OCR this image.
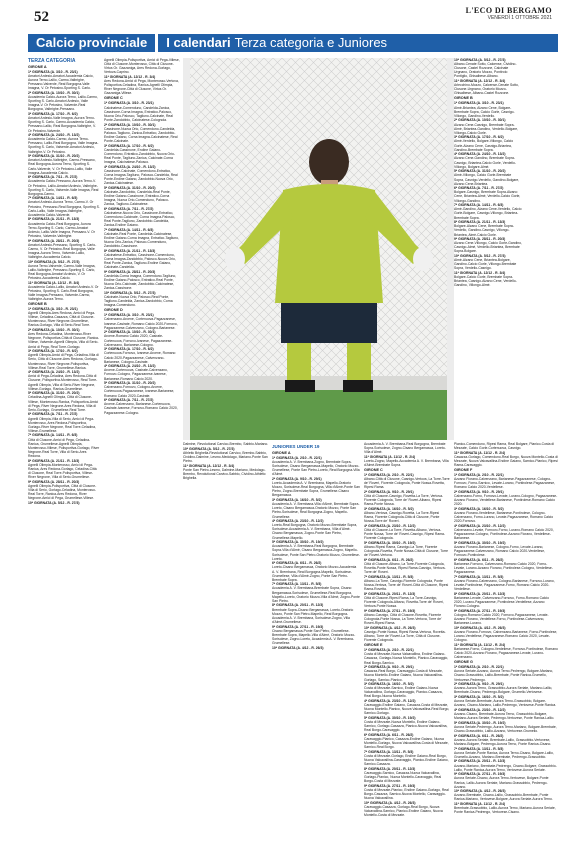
52	L'ECO DI BERGAMO
VENERDÌ 1 OTTOBRE 2021
Calcio provinciale	I calendari Terza categoria e Juniores
TERZA CATEGORIA
GIRONE A
1ª GIORNATA (A. 3/10 - R. 23/1)

Amatori Ardesio-Amatori Accademia Calcio, Aurora Terno-Lallio, Carmo-Valbrighe, Pressano-Valverde, Real Borgogna-Valle Imagna, V. Or Petosino-Sporting S. Carlo.

2ª GIORNATA (A. 10/10 - R. 30/1)

Accademia Calcio-Aurora Terno, Lallio-Carmo, Sporting S. Carlo-Amatori Ardesio, Valle Imagna-V. Or Petosino, Valverde-Real Borgogna, Valbrighe-Pressano.

3ª GIORNATA (A. 17/10 - R. 6/2)

Amatori Ardesio-Valle Imagna, Aurora Terno-Sporting S. Carlo, Carmo-Accademia Calcio, Pressano-Lallio, Real Borgogna-Valbrighe, V. Or Petosino-Valverde.

4ª GIORNATA (A. 24/10 - R. 13/2)

Accademia Calcio-Carmo, Aurora Terno-Pressano, Lallio-Real Borgogna, Valle Imagna-Sporting S. Carlo, Valverde-Amatori Ardesio, Valbrighe-V. Or Petosino.

5ª GIORNATA (A. 31/10 - R. 20/2)

Amatori Ardesio-Valbrighe, Carmo-Pressano, Real Borgogna-Aurora Terno, Sporting S. Carlo-Valverde, V. Or Petosino-Lallio, Valle Imagna-Accademia Calcio.

6ª GIORNATA (A. 7/11 - R. 27/2)

Accademia Calcio-Pressano, Aurora Terno-V. Or Petosino, Lallio-Amatori Ardesio, Valbrighe-Sporting S. Carlo, Valverde-Valle Imagna, Real Borgogna-Carmo.

7ª GIORNATA (A. 14/11 - R. 6/3)

Amatori Ardesio-Aurora Terno, Carmo-V. Or Petosino, Pressano-Real Borgogna, Sporting S. Carlo-Lallio, Valle Imagna-Valbrighe, Accademia Calcio-Valverde.

8ª GIORNATA (A. 21/11 - R. 13/3)

Accademia Calcio-Real Borgogna, Aurora Terno-Sporting S. Carlo, Carmo-Amatori Ardesio, Lallio-Valle Imagna, Pressano-V. Or Petosino, Valverde-Valbrighe.

9ª GIORNATA (A. 28/11 - R. 20/3)

Amatori Ardesio-Pressano, Sporting S. Carlo-Carmo, V. Or Petosino-Real Borgogna, Valle Imagna-Aurora Terno, Valverde-Lallio, Valbrighe-Accademia Calcio.

10ª GIORNATA (A. 5/12 - R. 27/3)

Aurora Terno-Valverde, Carmo-Valle Imagna, Lallio-Valbrighe, Pressano-Sporting S. Carlo, Real Borgogna-Amatori Ardesio, V. Or Petosino-Accademia Calcio.

11ª GIORNATA (A. 12/12 - R. 3/4)

Accademia Calcio-Lallio, Amatori Ardesio-V. Or Petosino, Sporting S. Carlo-Real Borgogna, Valle Imagna-Pressano, Valverde-Carmo, Valbrighe-Aurora Terno.

GIRONE B
1ª GIORNATA (A. 3/10 - R. 23/1)

Agnelli Olimpia-Ares Redona, Amici di Pega-Villese, Celadina-Casazza, Città di Clusone-Monterosso, River Negrone-Grumellese, Ranica-Gorlago, Villa di Serio-Real Torre.

2ª GIORNATA (A. 10/10 - R. 30/1)

Ares Redona-Celadina, Monterosso-River Negrone, Polisportiva-Città di Clusone, Ranica-Villese, Valverde-Agnelli Olimpia, Villa di Serio-Amici di Pega, Real Torre-Gorlago.

3ª GIORNATA (A. 17/10 - R. 6/2)

Agnelli Olimpia-Amici di Pega, Celadina-Villa di Serio, Città di Clusone-Ares Redona, Gorlago-Monterosso, River Negrone-Polisportiva, Villese-Real Torre, Grumellese-Ranica.

4ª GIORNATA (A. 24/10 - R. 13/2)

Amici di Pega-Celadina, Ares Redona-Città di Clusone, Polisportiva-Monterosso, Real Torre-Agnelli Olimpia, Villa di Serio-River Negrone, Villese-Gorlago, Ranica-Grumellese.

5ª GIORNATA (A. 31/10 - R. 20/2)

Celadina-Agnelli Olimpia, Città di Clusone-Villese, Monterosso-Ranica, Polisportiva-Amici di Pega, River Negrone-Ares Redona, Villa di Serio-Gorlago, Grumellese-Real Torre.

6ª GIORNATA (A. 7/11 - R. 27/2)

Agnelli Olimpia-Villa di Serio, Amici di Pega-Monterosso, Ares Redona-Polisportiva, Gorlago-River Negrone, Real Torre-Celadina, Villese-Grumellese.

7ª GIORNATA (A. 14/11 - R. 6/3)

Città di Clusone-Amici di Pega, Celadina-Ranica, Grumellese-Agnelli Olimpia, Monterosso-Villese, Polisportiva-Gorlago, River Negrone-Real Torre, Villa di Serio-Ares Redona.

8ª GIORNATA (A. 21/11 - R. 13/3)

Agnelli Olimpia-Monterosso, Amici di Pega-Ranica, Ares Redona-Gorlago, Celadina-Città di Clusone, Real Torre-Polisportiva, Villese-River Negrone, Villa di Serio-Grumellese.

9ª GIORNATA (A. 28/11 - R. 20/3)

Agnelli Olimpia-Polisportiva, Città di Clusone-Villa di Serio, Gorlago-Celadina, Monterosso-Real Torre, Ranica-Ares Redona, River Negrone-Amici di Pega, Grumellese-Villese.

10ª GIORNATA (A. 5/12 - R. 27/3)

Agnelli Olimpia-Polisportiva, Amici di Pega-Villese, Città di Clusone-Monterosso, Città di Clusone-Virtus Or. Gazzaniga, Ares Redona-Gorlago, Vertova-Caprino.

11ª GIORNATA (A. 12/12 - R. 3/4)

Ares Redona-Amici di Pega, Monterosso-Vertova, Polisportiva-Celadina, Ranica-Agnelli Olimpia, River Negrone-Città di Clusone, Virtus Or. Gazzaniga-Villese.

GIRONE C
1ª GIORNATA (A. 3/10 - R. 23/1)

Calcinatese-Comenduno, Candelda-Zanica, Cassinone-Corna Imagna, Entratico-Palosco, Nuova Orio-Palosco, Tagliuno-Calcinate, Real Ponte-Zandobbio, Calcinatese-Colognola.

2ª GIORNATA (A. 10/10 - R. 30/1)

Cassinone-Nuova Orio, Comenduno-Candelda, Palosco-Tagliuno, Zanica-Entratico, Zandobbio-Endine Gaiano, Corna Imagna-Calcinatese, Real Ponte-Calcinate.

3ª GIORNATA (A. 17/10 - R. 6/2)

Candelda-Cassinone, Endine Gaiano-Comenduno, Entratico-Zandobbio, Nuova Orio-Real Ponte, Tagliuno-Zanica, Calcinate-Corna Imagna, Calcinatese-Palosco.

4ª GIORNATA (A. 24/10 - R. 13/2)

Cassinone-Calcinate, Comenduno-Entratico, Corna Imagna-Tagliuno, Palosco-Candelda, Real Ponte-Endine Gaiano, Zandobbio-Nuova Orio, Zanica-Calcinatese.

5ª GIORNATA (A. 31/10 - R. 20/2)

Calcinate-Zandobbio, Candelda-Real Ponte, Endine Gaiano-Cassinone, Entratico-Corna Imagna, Nuova Orio-Comenduno, Palosco-Zanica, Tagliuno-Calcinatese.

6ª GIORNATA (A. 7/11 - R. 27/2)

Calcinatese-Nuova Orio, Cassinone-Entratico, Comenduno-Calcinate, Corna Imagna-Palosco, Real Ponte-Tagliuno, Zandobbio-Candelda, Zanica-Endine Gaiano.

7ª GIORNATA (A. 14/11 - R. 6/3)

Calcinate-Real Ponte, Candelda-Calcinatese, Endine Gaiano-Corna Imagna, Entratico-Tagliuno, Nuova Orio-Zanica, Palosco-Comenduno, Zandobbio-Cassinone.

8ª GIORNATA (A. 21/11 - R. 13/3)

Calcinatese-Entratico, Cassinone-Comenduno, Corna Imagna-Zandobbio, Palosco-Nuova Orio, Real Ponte-Zanica, Tagliuno-Endine Gaiano, Calcinate-Candelda.

9ª GIORNATA (A. 28/11 - R. 20/3)

Candelda-Corna Imagna, Comenduno-Tagliuno, Endine Gaiano-Palosco, Entratico-Real Ponte, Nuova Orio-Calcinate, Zandobbio-Calcinatese, Zanica-Cassinone.

10ª GIORNATA (A. 5/12 - R. 27/3)

Calcinate-Nuova Orio, Palosco-Real Ponte, Tagliuno-Candelda, Zanica-Zandobbio, Corna Imagna-Comenduno.

GIRONE D
1ª GIORNATA (A. 3/10 - R. 23/1)

Calvenzano-Arcene, Cortenuova-Pagazzanese, Ivanese-Casirate, Romano Calcio 2020-Fornovo, Pagazzanese-Calvenzano, Cologno-Barianese.

2ª GIORNATA (A. 10/10 - R. 30/1)

Arcene-Romano Calcio 2020, Casirate-Cortenuova, Fornovo-Ivanese, Pagazzanese-Calvenzano, Barianese-Cologno.

3ª GIORNATA (A. 17/10 - R. 6/2)

Cortenuova-Fornovo, Ivanese-Arcene, Romano Calcio 2020-Pagazzanese, Calvenzano-Barianese, Cologno-Casirate.

4ª GIORNATA (A. 24/10 - R. 13/2)

Arcene-Cortenuova, Casirate-Calvenzano, Fornovo-Cologno, Pagazzanese-Ivanese, Barianese-Romano Calcio 2020.

5ª GIORNATA (A. 31/10 - R. 20/2)

Calvenzano-Fornovo, Cologno-Arcene, Cortenuova-Pagazzanese, Ivanese-Barianese, Romano Calcio 2020-Casirate.

6ª GIORNATA (A. 7/11 - R. 27/2)

Arcene-Calvenzano, Barianese-Cortenuova, Casirate-Ivanese, Fornovo-Romano Calcio 2020, Pagazzanese-Cologno.

10ª GIORNATA (A. 5/12 - R. 27/3)

Albano-Cenate Sotto, Calcense, Cividino-Clusone, Castel Rozzone, Calcinate Urgnano, Oratorio Mozzo, Pontirolo Pontiglio, Ghisalbese-Albano.

11ª GIORNATA (A. 12/12 - R. 3/4)

Arlecchino-Mozzo, Calcense-Cenate Sotto, Clusone-Urgnano, Oratorio Mozzo-Ghisalbese, Albano-Castel Rozzone.

GIRONE B
1ª GIORNATA (A. 3/10 - R. 23/1)

Almè-Briantea, Alzano Cene, Bolgare-Brembate Sopra, Calcio Gorle, Casnigo-Villongo, Gandino-Verdello.

2ª GIORNATA (A. 10/10 - R. 30/1)

Alzano Cene-Casnigo, Brembate Sopra-Almè, Briantea-Gandino, Verdello-Bolgare, Villongo-Calcio Gorle.

3ª GIORNATA (A. 17/10 - R. 6/2)

Almè-Verdello, Bolgare-Villongo, Calcio Gorle-Alzano Cene, Casnigo-Briantea, Gandino-Brembate Sopra.

4ª GIORNATA (A. 24/10 - R. 13/2)

Alzano Cene-Gandino, Brembate Sopra-Casnigo, Briantea-Calcio Gorle, Verdello-Villongo, Bolgare-Almè.

5ª GIORNATA (A. 31/10 - R. 20/2)

Almè-Villongo, Calcio Gorle-Brembate Sopra, Casnigo-Verdello, Gandino-Bolgare, Alzano Cene-Briantea.

6ª GIORNATA (A. 7/11 - R. 27/2)

Bolgare-Casnigo, Brembate Sopra-Alzano Cene, Briantea-Almè, Verdello-Calcio Gorle, Villongo-Gandino.

7ª GIORNATA (A. 14/11 - R. 6/3)

Almè-Gandino, Alzano Cene-Verdello, Calcio Gorle-Bolgare, Casnigo-Villongo, Briantea-Brembate Sopra.

8ª GIORNATA (A. 21/11 - R. 13/3)

Bolgare-Alzano Cene, Brembate Sopra-Verdello, Gandino-Casnigo, Villongo-Briantea, Almè-Calcio Gorle.

9ª GIORNATA (A. 28/11 - R. 20/3)

Alzano Cene-Villongo, Calcio Gorle-Gandino, Casnigo-Almè, Verdello-Briantea, Brembate Sopra-Bolgare.

10ª GIORNATA (A. 5/12 - R. 27/3)

Almè-Alzano Cene, Briantea-Bolgare, Gandino-Calcio Gorle, Villongo-Brembate Sopra, Verdello-Casnigo.

11ª GIORNATA (A. 12/12 - R. 3/4)

Bolgare-Calcio Gorle, Brembate Sopra-Briantea, Casnigo-Alzano Cene, Verdello-Gandino, Villongo-Almè.

Dalmine, Revolutional Carvico-Brembo, Sabbio-Mariano.

10ª GIORNATA (A. 5/12 - R. 27/3)

Athletic Brighella-Revolutional Carvico, Brembo-Sabbio, Cividino-Dalmine, Lesmo-Medolago, Mariano-Ponte San Pietro.

11ª GIORNATA (A. 12/12 - R. 3/4)

Ponte San Pietro-Lesmo, Dalmine-Mariano, Medolago-Brembo, Revolutional Carvico-Sabbio, Cividino-Athletic Brighella.

JUNIORES UNDER 19
GIRONE A
1ª GIORNATA (A. 2/10 - R. 22/1)

Accademia A. V. Brembana-Zogno, Brembate Sopra-Sorisolese, Cisano Bergamasca-Mapello, Oratorio Mozzo-Grumellese, Ponte San Pietro-Loreto, Real Borgogna-Villa d'Almè.

2ª GIORNATA (A. 9/10 - R. 29/1)

Loreto-Accademia A. V. Brembana, Mapello-Oratorio Mozzo, Sorisolese-Real Borgogna, Villa d'Almè-Ponte San Pietro, Zogno-Brembate Sopra, Grumellese-Cisano Bergamasca.

3ª GIORNATA (A. 16/10 - R. 5/2)

Accademia A. V. Brembana-Villa d'Almè, Brembate Sopra-Loreto, Cisano Bergamasca-Oratorio Mozzo, Ponte San Pietro-Sorisolese, Real Borgogna-Zogno, Mapello-Grumellese.

4ª GIORNATA (A. 23/10 - R. 12/2)

Loreto-Real Borgogna, Oratorio Mozzo-Brembate Sopra, Sorisolese-Accademia A. V. Brembana, Villa d'Almè-Cisano Bergamasca, Zogno-Ponte San Pietro, Grumellese-Mapello.

5ª GIORNATA (A. 30/10 - R. 19/2)

Accademia A. V. Brembana-Real Borgogna, Brembate Sopra-Villa d'Almè, Cisano Bergamasca-Zogno, Mapello-Sorisolese, Ponte San Pietro-Oratorio Mozzo, Grumellese-Loreto.

6ª GIORNATA (A. 6/11 - R. 26/2)

Loreto-Cisano Bergamasca, Oratorio Mozzo-Accademia A. V. Brembana, Real Borgogna-Mapello, Sorisolese-Grumellese, Villa d'Almè-Zogno, Ponte San Pietro-Brembate Sopra.

7ª GIORNATA (A. 13/11 - R. 5/3)

Accademia A. V. Brembana-Brembate Sopra, Cisano Bergamasca-Sorisolese, Grumellese-Real Borgogna, Mapello-Loreto, Oratorio Mozzo-Villa d'Almè, Zogno-Ponte San Pietro.

8ª GIORNATA (A. 20/11 - R. 12/3)

Brembate Sopra-Cisano Bergamasca, Loreto-Oratorio Mozzo, Ponte San Pietro-Mapello, Real Borgogna-Accademia A. V. Brembana, Sorisolese-Zogno, Villa d'Almè-Grumellese.

9ª GIORNATA (A. 27/11 - R. 19/3)

Cisano Bergamasca-Ponte San Pietro, Grumellese-Brembate Sopra, Mapello-Villa d'Almè, Oratorio Mozzo-Sorisolese, Zogno-Loreto, Accademia A. V. Brembana-Grumellese.

10ª GIORNATA (A. 4/12 - R. 26/3)

Accademia A. V. Brembana-Real Borgogna, Brembate Sopra-Sorisolese, Zogno-Cisano Bergamasca, Loreto-Villa d'Almè.

11ª GIORNATA (A. 11/12 - R. 2/4)

Loreto-Zogno, Mapello-Accademia A. V. Brembana, Villa d'Almè-Brembate Sopra.

GIRONE C
1ª GIORNATA (A. 2/10 - R. 22/1)

Albano-Città di Clusone, Casnigo-Vertova, La Torre-Torre de' Roveri, Fiorente Colognola, Ponte Nossa-Rovetta, Ripesi Rama.

2ª GIORNATA (A. 9/10 - R. 29/1)

Città di Clusone-Casnigo, Rovetta-La Torre, Vertova-Fiorente Colognola, Torre de' Roveri-Albano, Ripesi Rama-Ponte Nossa.

3ª GIORNATA (A. 16/10 - R. 5/2)

Albano-Vertova, Casnigo-Rovetta, La Torre-Ripesi Rama, Fiorente Colognola-Città di Clusone, Ponte Nossa-Torre de' Roveri.

4ª GIORNATA (A. 23/10 - R. 12/2)

Città di Clusone-La Torre, Rovetta-Albano, Vertova-Ponte Nossa, Torre de' Roveri-Casnigo, Ripesi Rama-Fiorente Colognola.

5ª GIORNATA (A. 30/10 - R. 19/2)

Albano-Ripesi Rama, Casnigo-La Torre, Fiorente Colognola-Rovetta, Ponte Nossa-Città di Clusone, Torre de' Roveri-Vertova.

6ª GIORNATA (A. 6/11 - R. 26/2)

Città di Clusone-Albano, La Torre-Fiorente Colognola, Rovetta-Ponte Nossa, Ripesi Rama-Casnigo, Vertova-Torre de' Roveri.

7ª GIORNATA (A. 13/11 - R. 5/3)

Albano-La Torre, Casnigo-Fiorente Colognola, Ponte Nossa-Vertova, Torre de' Roveri-Città di Clusone, Ripesi Rama-Rovetta.

8ª GIORNATA (A. 20/11 - R. 12/3)

Città di Clusone-Ripesi Rama, La Torre-Casnigo, Fiorente Colognola-Albano, Rovetta-Torre de' Roveri, Vertova-Ponte Nossa.

9ª GIORNATA (A. 27/11 - R. 19/3)

Albano-Casnigo, Città di Clusone-Rovetta, Fiorente Colognola-Ponte Nossa, La Torre-Vertova, Torre de' Roveri-Ripesi Rama.

10ª GIORNATA (A. 4/12 - R. 26/3)

Casnigo-Ponte Nossa, Ripesi Rama-Vertova, Rovetta-Albano, Torre de' Roveri-La Torre, Città di Clusone-Fiorente Colognola.

GIRONE E
1ª GIORNATA (A. 2/10 - R. 22/1)

Costa di Mezzate-Nuova Valcavallina, Endine Gaiano-Casazza, Gorlago-Nuova Montello, Pianico-Caravaggio, Real Borgo-Sarnico.

2ª GIORNATA (A. 9/10 - R. 29/1)

Casazza-Real Borgo, Caravaggio-Costa di Mezzate, Nuova Montello-Endine Gaiano, Nuova Valcavallina-Gorlago, Sarnico-Pianico.

3ª GIORNATA (A. 16/10 - R. 5/2)

Costa di Mezzate-Sarnico, Endine Gaiano-Nuova Valcavallina, Gorlago-Caravaggio, Pianico-Casazza, Real Borgo-Nuova Montello.

4ª GIORNATA (A. 23/10 - R. 12/2)

Caravaggio-Endine Gaiano, Casazza-Costa di Mezzate, Nuova Montello-Pianico, Nuova Valcavallina-Real Borgo, Sarnico-Gorlago.

5ª GIORNATA (A. 30/10 - R. 19/2)

Costa di Mezzate-Nuova Montello, Endine Gaiano-Sarnico, Gorlago-Casazza, Pianico-Nuova Valcavallina, Real Borgo-Caravaggio.

6ª GIORNATA (A. 6/11 - R. 26/2)

Caravaggio-Pianico, Casazza-Endine Gaiano, Nuova Montello-Gorlago, Nuova Valcavallina-Costa di Mezzate, Sarnico-Real Borgo.

7ª GIORNATA (A. 13/11 - R. 5/3)

Costa di Mezzate-Gorlago, Endine Gaiano-Real Borgo, Nuova Valcavallina-Caravaggio, Pianico-Endine Gaiano, Sarnico-Casazza.

8ª GIORNATA (A. 20/11 - R. 12/3)

Caravaggio-Sarnico, Casazza-Nuova Valcavallina, Gorlago-Pianico, Nuova Montello-Caravaggio, Real Borgo-Costa di Mezzate.

9ª GIORNATA (A. 27/11 - R. 19/3)

Costa di Mezzate-Pianico, Endine Gaiano-Gorlago, Real Borgo-Casazza, Sarnico-Nuova Montello, Caravaggio-Nuova Valcavallina.

10ª GIORNATA (A. 4/12 - R. 26/3)

Caravaggio-Casazza, Gorlago-Real Borgo, Nuova Valcavallina-Sarnico, Pianico-Endine Gaiano, Nuova Montello-Costa di Mezzate.

Pianico-Comenduno, Ripesi Rama, Real Bolgare, Pianico-Costa di Mezzate, Calcio Gorle-Cortenuova, Casnigo.

11ª GIORNATA (A. 11/12 - R. 2/4)

Casazza-Gorlago, Comenduno-Real Borgo, Nuova Montello-Costa di Mezzate, Nuova Valcavallina-Endine Gaiano, Sarnico-Pianico, Ripesi Rama-Caravaggio.

GIRONE F
1ª GIORNATA (A. 2/10 - R. 22/1)

Azzano Fiorano-Calvenzano, Barianese-Pagazzanese, Cologno-Fornovo, Forno-Sarnico, Levate-Lurano, Pontirolese-Pagazzanese, Romano Calcio 2020-Verdellese.

2ª GIORNATA (A. 9/10 - R. 29/1)

Calvenzano-Forno, Fornovo-Levate, Lurano-Cologno, Pagazzanese-Azzano Fiorano, Verdellese-Barianese, Pontirolese-Romano Calcio 2020.

3ª GIORNATA (A. 16/10 - R. 5/2)

Azzano Fiorano-Verdellese, Barianese-Pontirolese, Cologno-Calvenzano, Forno-Lurano, Levate-Pagazzanese, Romano Calcio 2020-Fornovo.

4ª GIORNATA (A. 23/10 - R. 12/2)

Calvenzano-Levate, Fornovo-Forno, Lurano-Romano Calcio 2020, Pagazzanese-Cologno, Pontirolese-Azzano Fiorano, Verdellese-Barianese.

5ª GIORNATA (A. 30/10 - R. 19/2)

Azzano Fiorano-Barianese, Cologno-Forno, Levate-Lurano, Pagazzanese-Calvenzano, Romano Calcio 2020-Verdellese, Fornovo-Pontirolese.

6ª GIORNATA (A. 6/11 - R. 26/2)

Barianese-Fornovo, Calvenzano-Romano Calcio 2020, Forno-Levate, Lurano-Azzano Fiorano, Pontirolese-Cologno, Verdellese-Pagazzanese.

7ª GIORNATA (A. 13/11 - R. 5/3)

Azzano Fiorano-Calvenzano, Cologno-Barianese, Fornovo-Lurano, Levate-Pontirolese, Pagazzanese-Forno, Romano Calcio 2020-Verdellese.

8ª GIORNATA (A. 20/11 - R. 12/3)

Barianese-Levate, Calvenzano-Fornovo, Forno-Romano Calcio 2020, Lurano-Pagazzanese, Pontirolese-Verdellese, Azzano Fiorano-Cologno.

9ª GIORNATA (A. 27/11 - R. 19/3)

Cologno-Romano Calcio 2020, Fornovo-Pagazzanese, Levate-Azzano Fiorano, Verdellese-Forno, Pontirolese-Calvenzano, Barianese-Lurano.

10ª GIORNATA (A. 4/12 - R. 26/3)

Azzano Fiorano-Fornovo, Calvenzano-Barianese, Forno-Pontirolese, Lurano-Verdellese, Pagazzanese-Romano Calcio 2020, Levate-Cologno.

11ª GIORNATA (A. 11/12 - R. 2/4)

Barianese-Forno, Cologno-Verdellese, Fornovo-Pontirolese, Romano Calcio 2020-Azzano Fiorano, Pagazzanese-Levate, Lurano-Calvenzano.

GIRONE G
1ª GIORNATA (A. 2/10 - R. 22/1)

Aurora Seriate-Azzano, Aurora Terno-Pedrengo, Bolgare-Mariano, Cisano-Grassobbio, Lallio-Brembate, Ponte Ranica-Grumello, Vertovese-Pedrengo.

2ª GIORNATA (A. 9/10 - R. 29/1)

Azzano-Aurora Terno, Grassobbio-Aurora Seriate, Mariano-Lallio, Brembate-Cisano, Pedrengo-Bolgare, Grumello-Vertovese.

3ª GIORNATA (A. 16/10 - R. 5/2)

Aurora Seriate-Brembate, Aurora Terno-Grassobbio, Bolgare-Azzano, Cisano-Mariano, Lallio-Pedrengo, Vertovese-Ponte Ranica.

4ª GIORNATA (A. 23/10 - R. 12/2)

Azzano-Cisano, Brembate-Aurora Terno, Grassobbio-Bolgare, Mariano-Aurora Seriate, Pedrengo-Vertovese, Ponte Ranica-Lallio.

5ª GIORNATA (A. 30/10 - R. 19/2)

Aurora Seriate-Pedrengo, Aurora Terno-Mariano, Bolgare-Brembate, Cisano-Grassobbio, Lallio-Azzano, Vertovese-Grumello.

6ª GIORNATA (A. 6/11 - R. 26/2)

Azzano-Aurora Seriate, Brembate-Lallio, Grassobbio-Vertovese, Mariano-Bolgare, Pedrengo-Aurora Terno, Ponte Ranica-Cisano.

7ª GIORNATA (A. 13/11 - R. 5/3)

Aurora Seriate-Ponte Ranica, Aurora Terno-Cisano, Bolgare-Lallio, Grumello-Azzano, Mariano-Brembate, Pedrengo-Grassobbio.

8ª GIORNATA (A. 20/11 - R. 12/3)

Azzano-Mariano, Brembate-Pedrengo, Cisano-Bolgare, Grassobbio-Lallio, Ponte Ranica-Aurora Terno, Vertovese-Aurora Seriate.

9ª GIORNATA (A. 27/11 - R. 19/3)

Aurora Seriate-Cisano, Aurora Terno-Vertovese, Bolgare-Ponte Ranica, Lallio-Aurora Seriate, Mariano-Grassobbio, Pedrengo-Azzano.

10ª GIORNATA (A. 4/12 - R. 26/3)

Azzano-Brembate, Cisano-Lallio, Grassobbio-Brembate, Ponte Ranica-Mariano, Vertovese-Bolgare, Aurora Seriate-Aurora Terno.

11ª GIORNATA (A. 11/12 - R. 2/4)

Brembate-Grassobbio, Lallio-Aurora Terno, Mariano-Aurora Seriate, Ponte Ranica-Pedrengo, Vertovese-Cisano.
